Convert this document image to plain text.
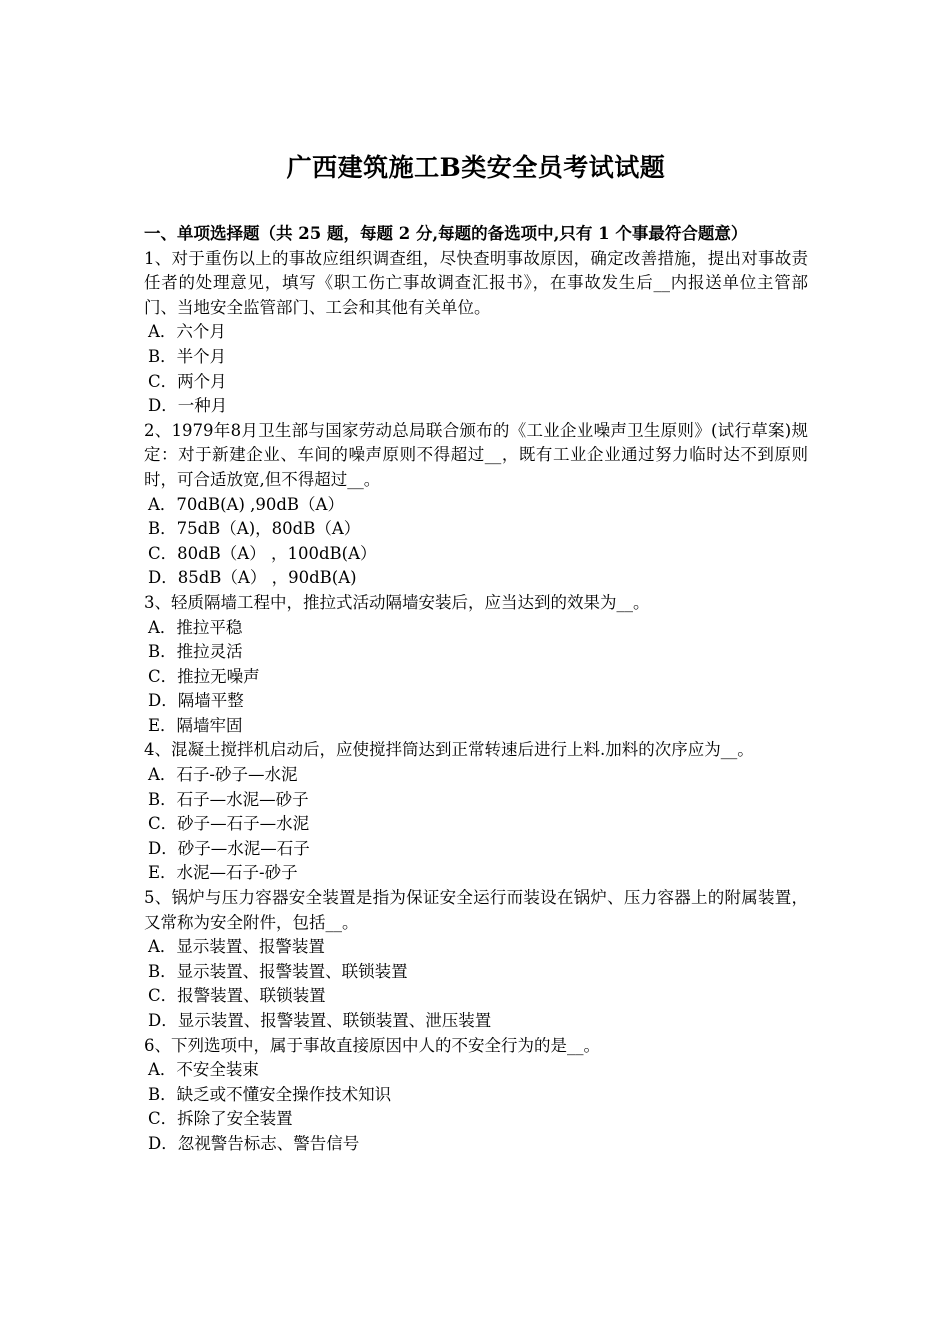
广西建筑施工B类安全员考试试题

一、单项选择题（共 25 题，每题 2 分,每题的备选项中,只有 1 个事最符合题意）

1、对于重伤以上的事故应组织调查组，尽快查明事故原因，确定改善措施，提出对事故责任者的处理意见，填写《职工伤亡事故调查汇报书》，在事故发生后__内报送单位主管部门、当地安全监管部门、工会和其他有关单位。

A．六个月

B．半个月

C．两个月

D．一种月

2、1979年8月卫生部与国家劳动总局联合颁布的《工业企业噪声卫生原则》(试行草案)规定：对于新建企业、车间的噪声原则不得超过__，既有工业企业通过努力临时达不到原则时，可合适放宽,但不得超过__。

A．70dB(A) ,90dB（A）

B．75dB（A)，80dB（A）

C．80dB（A） ，100dB(A）

D．85dB（A） ，90dB(A)

3、轻质隔墙工程中，推拉式活动隔墙安装后，应当达到的效果为__。

A．推拉平稳

B．推拉灵活

C．推拉无噪声

D．隔墙平整

E．隔墙牢固

4、混凝土搅拌机启动后，应使搅拌筒达到正常转速后进行上料.加料的次序应为__。

A．石子-砂子—水泥

B．石子—水泥—砂子

C．砂子—石子—水泥

D．砂子—水泥—石子

E．水泥—石子-砂子

5、锅炉与压力容器安全装置是指为保证安全运行而装设在锅炉、压力容器上的附属装置，又常称为安全附件，包括__。

A．显示装置、报警装置

B．显示装置、报警装置、联锁装置

C．报警装置、联锁装置

D．显示装置、报警装置、联锁装置、泄压装置

6、下列选项中，属于事故直接原因中人的不安全行为的是__。

A．不安全装束

B．缺乏或不懂安全操作技术知识

C．拆除了安全装置

D．忽视警告标志、警告信号
